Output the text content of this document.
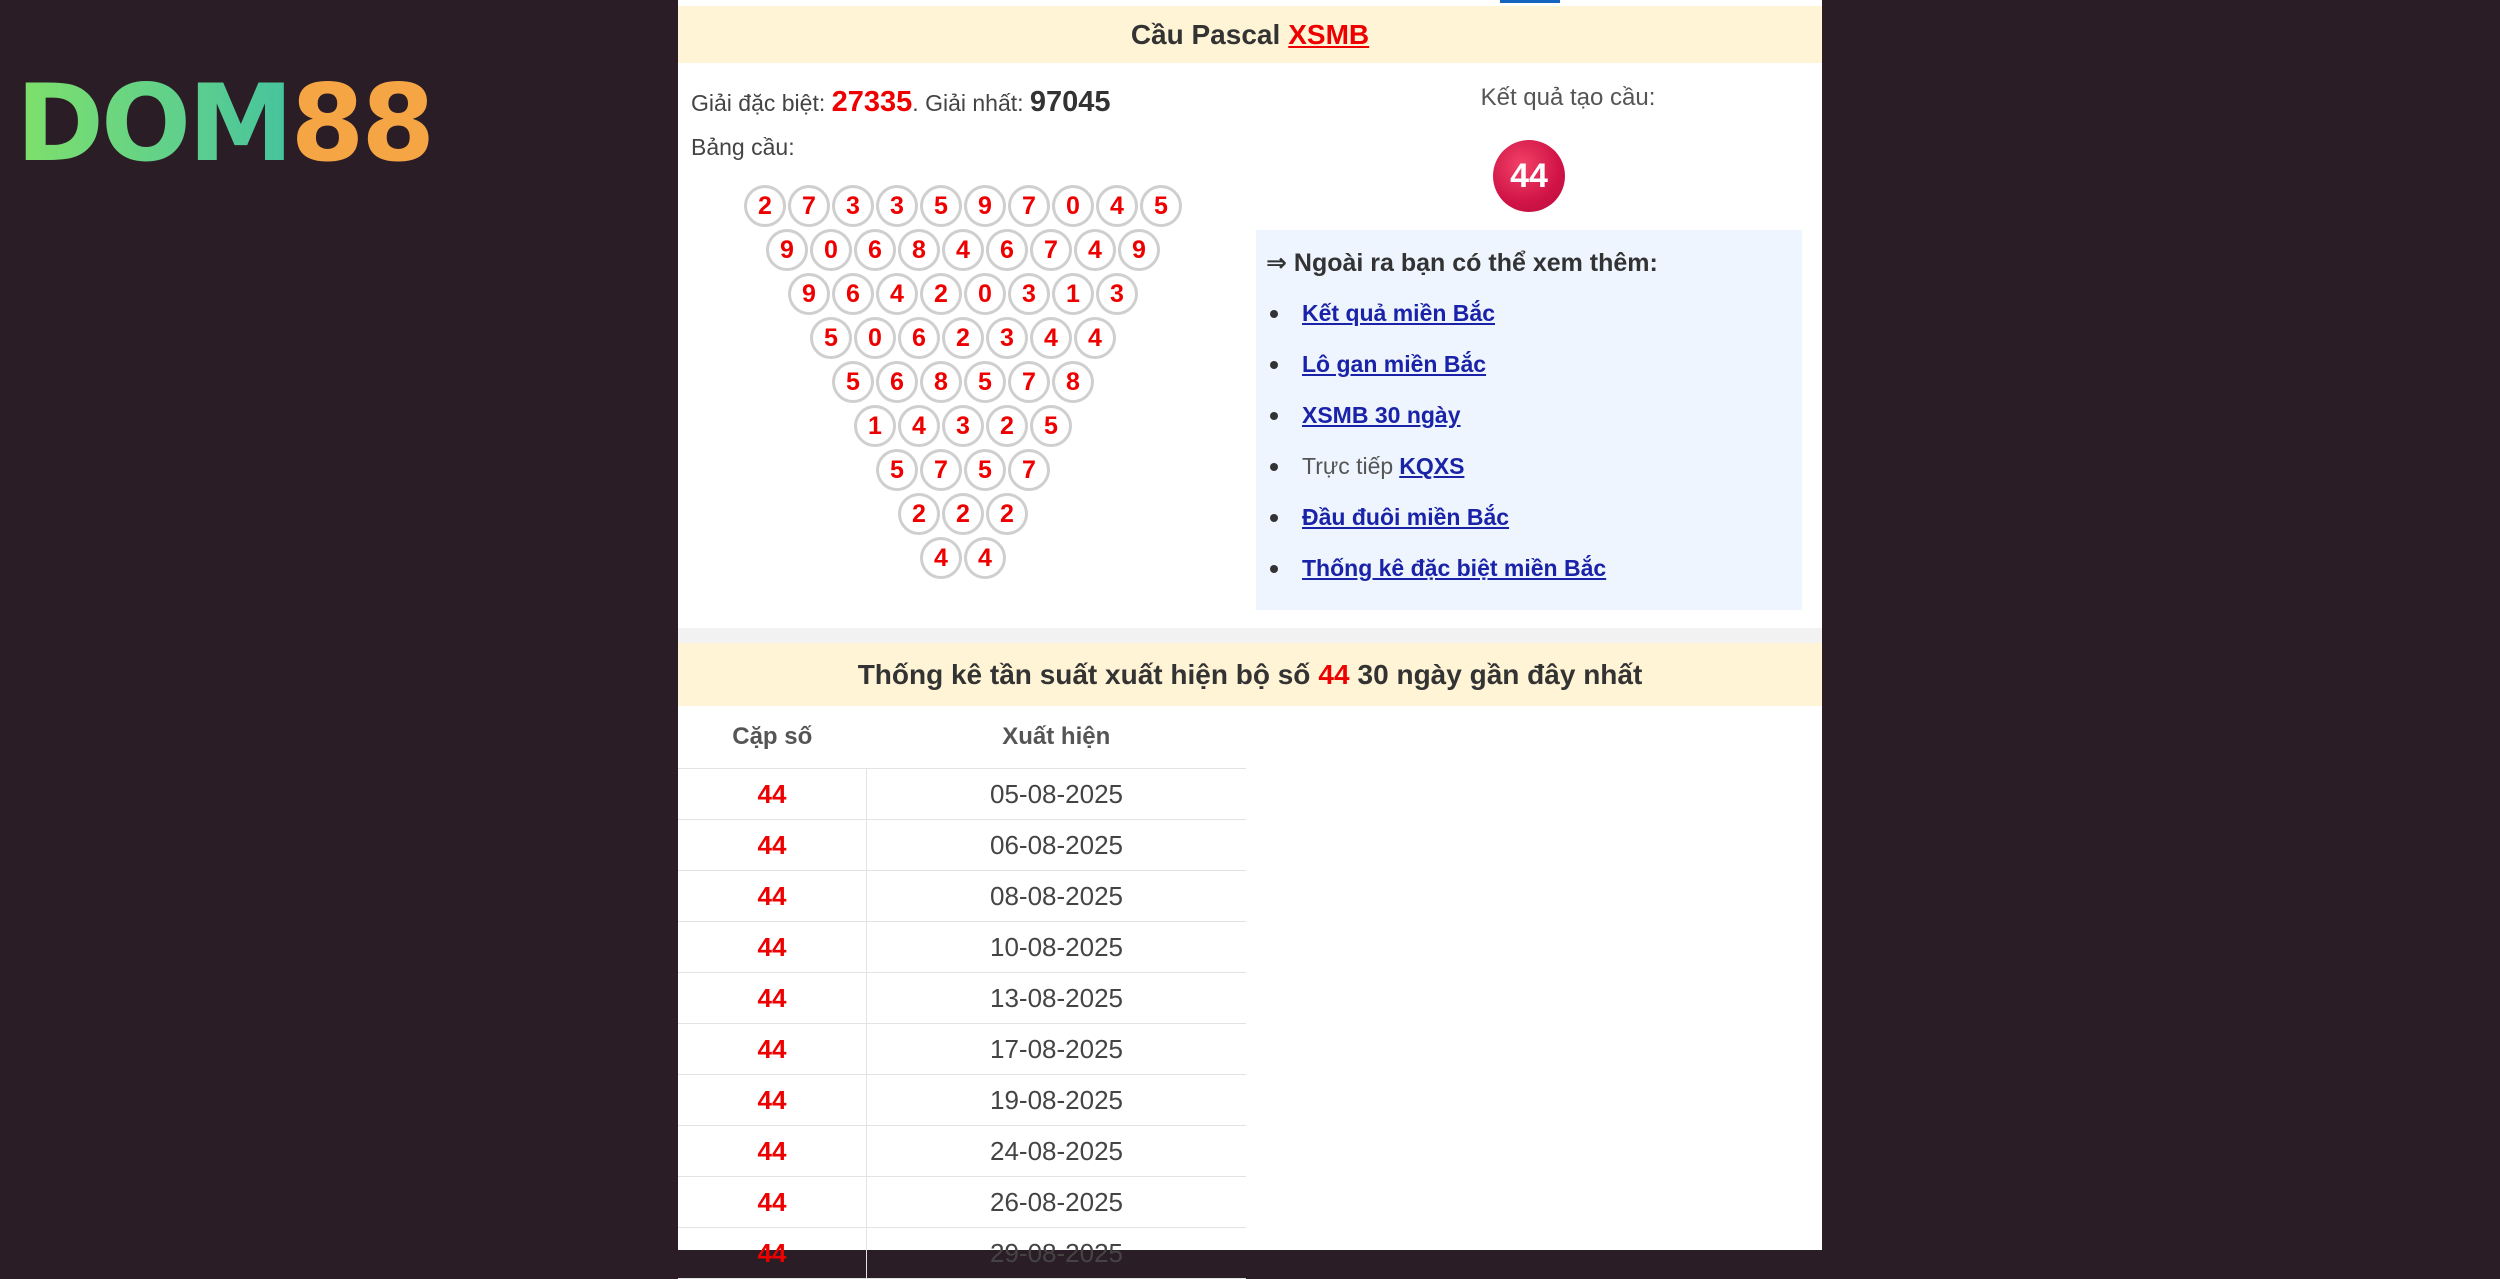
DOM 88
Cầu Pascal XSMB
Giải đặc biệt: 27335. Giải nhất: 97045
Bảng cầu:
2	7	3	3	5	9	7	0	4	5
9	0	6	8	4	6	7	4	9
9	6	4	2	0	3	1	3
5	0	6	2	3	4	4
5	6	8	5	7	8
1	4	3	2	5
5	7	5	7
2	2	2
4	4
Kết quả tạo cầu:
44
⇒ Ngoài ra bạn có thể xem thêm:
Kết quả miền Bắc
Lô gan miền Bắc
XSMB 30 ngày
Trực tiếp KQXS
Đầu đuôi miền Bắc
Thống kê đặc biệt miền Bắc
Thống kê tần suất xuất hiện bộ số 44 30 ngày gần đây nhất
Cặp số	Xuất hiện
44	05-08-2025
44	06-08-2025
44	08-08-2025
44	10-08-2025
44	13-08-2025
44	17-08-2025
44	19-08-2025
44	24-08-2025
44	26-08-2025
44	29-08-2025
